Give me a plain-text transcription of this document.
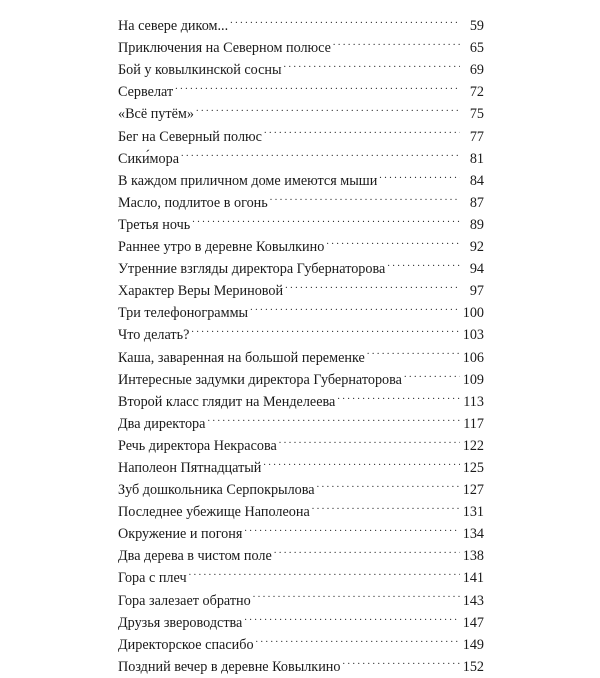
На севере диком... . . .	59
Приключения на Северном полюсе . . .	65
Бой у ковылкинской сосны . . .	69
Сервелат . . .	72
«Всё путём» . . .	75
Бег на Северный полюс . . .	77
Сики́мора . . .	81
В каждом приличном доме имеются мыши . . .	84
Масло, подлитое в огонь . . .	87
Третья ночь . . .	89
Раннее утро в деревне Ковылкино . . .	92
Утренние взгляды директора Губернаторова . . .	94
Характер Веры Мериновой . . .	97
Три телефонограммы . . .	100
Что делать? . . .	103
Каша, заваренная на большой переменке . . .	106
Интересные задумки директора Губернаторова . . .	109
Второй класс глядит на Менделеева . . .	113
Два директора . . .	117
Речь директора Некрасова . . .	122
Наполеон Пятнадцатый . . .	125
Зуб дошкольника Серпокрылова . . .	127
Последнее убежище Наполеона . . .	131
Окружение и погоня . . .	134
Два дерева в чистом поле . . .	138
Гора с плеч . . .	141
Гора залезает обратно . . .	143
Друзья звероводства . . .	147
Директорское спасибо . . .	149
Поздний вечер в деревне Ковылкино . . .	152
